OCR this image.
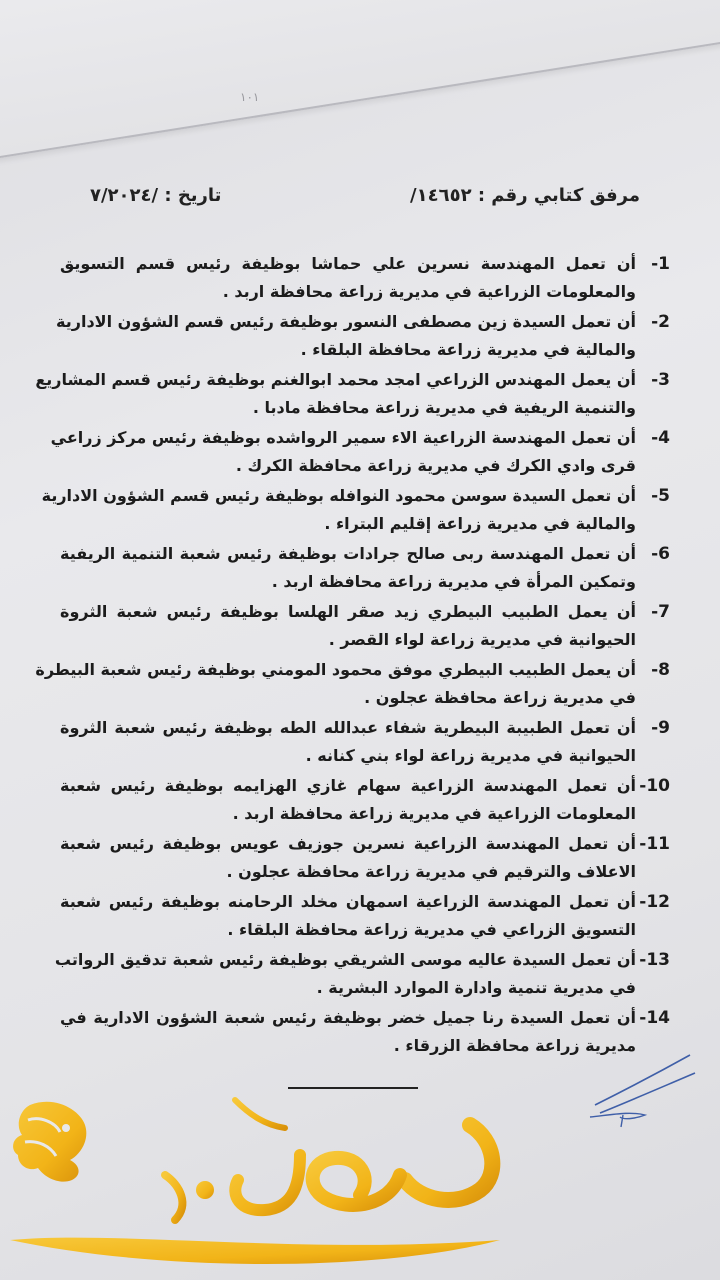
١٠١
مرفق كتابي رقم : ١٤٦٥٢/
تاريخ : /٧/٢٠٢٤
-1
أن تعمل المهندسة نسرين علي حماشا بوظيفة رئيس قسم التسويق
والمعلومات الزراعية في مديرية زراعة محافظة اربد .
-2
أن تعمل السيدة زين مصطفى النسور بوظيفة رئيس قسم الشؤون الادارية
والمالية في مديرية زراعة محافظة البلقاء .
-3
أن يعمل المهندس الزراعي امجد محمد ابوالغنم بوظيفة رئيس قسم المشاريع
والتنمية الريفية في مديرية زراعة محافظة مادبا .
-4
أن تعمل المهندسة الزراعية الاء سمير الرواشده بوظيفة رئيس مركز زراعي
قرى وادي الكرك في مديرية زراعة محافظة الكرك .
-5
أن تعمل السيدة سوسن محمود النوافله بوظيفة رئيس قسم الشؤون الادارية
والمالية في مديرية زراعة إقليم البتراء .
-6
أن تعمل المهندسة ربى صالح جرادات بوظيفة رئيس شعبة التنمية الريفية
وتمكين المرأة في مديرية زراعة محافظة اربد .
-7
أن يعمل الطبيب البيطري زيد صقر الهلسا بوظيفة رئيس شعبة الثروة
الحيوانية في مديرية زراعة لواء القصر .
-8
أن يعمل الطبيب البيطري موفق محمود المومني بوظيفة رئيس شعبة البيطرة
في مديرية زراعة محافظة عجلون .
-9
أن تعمل الطبيبة البيطرية شفاء عبدالله الطه بوظيفة رئيس شعبة الثروة
الحيوانية في مديرية زراعة لواء بني كنانه .
-10
أن تعمل المهندسة الزراعية سهام غازي الهزايمه بوظيفة رئيس شعبة
المعلومات الزراعية في مديرية زراعة محافظة اربد .
-11
أن تعمل المهندسة الزراعية نسرين جوزيف عويس بوظيفة رئيس شعبة
الاعلاف والترقيم في مديرية زراعة محافظة عجلون .
-12
أن تعمل المهندسة الزراعية اسمهان مخلد الرحامنه بوظيفة رئيس شعبة
التسويق الزراعي في مديرية زراعة محافظة البلقاء .
-13
أن تعمل السيدة عاليه موسى الشريقي بوظيفة رئيس شعبة تدقيق الرواتب
في مديرية تنمية وادارة الموارد البشرية .
-14
أن تعمل السيدة رنا جميل خضر بوظيفة رئيس شعبة الشؤون الادارية في
مديرية زراعة محافظة الزرقاء .
